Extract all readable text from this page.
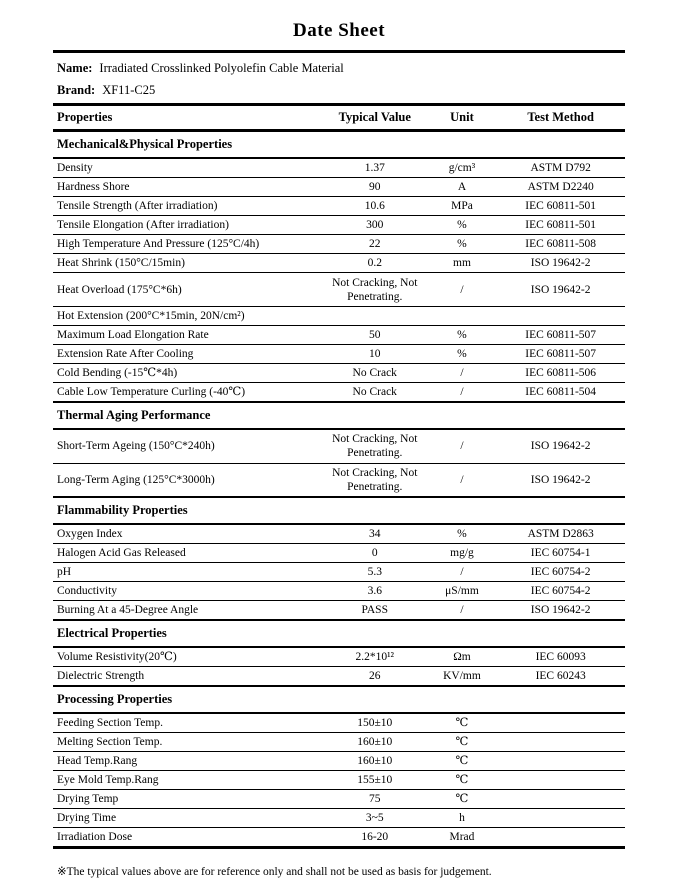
Date Sheet
Name: Irradiated Crosslinked Polyolefin Cable Material
Brand: XF11-C25
Properties	Typical Value	Unit	Test Method
Mechanical&Physical Properties			
Density	1.37	g/cm³	ASTM D792
Hardness Shore	90	A	ASTM D2240
Tensile Strength (After irradiation)	10.6	MPa	IEC 60811-501
Tensile Elongation (After irradiation)	300	%	IEC 60811-501
High Temperature And Pressure (125°C/4h)	22	%	IEC 60811-508
Heat Shrink (150°C/15min)	0.2	mm	ISO 19642-2
Heat Overload (175°C*6h)	Not Cracking, Not Penetrating.	/	ISO 19642-2
Hot Extension (200°C*15min, 20N/cm²)			
Maximum Load Elongation Rate	50	%	IEC 60811-507
Extension Rate After Cooling	10	%	IEC 60811-507
Cold Bending (-15℃*4h)	No Crack	/	IEC 60811-506
Cable Low Temperature Curling (-40℃)	No Crack	/	IEC 60811-504
Thermal Aging Performance			
Short-Term Ageing (150°C*240h)	Not Cracking, Not Penetrating.	/	ISO 19642-2
Long-Term Aging (125°C*3000h)	Not Cracking, Not Penetrating.	/	ISO 19642-2
Flammability Properties			
Oxygen Index	34	%	ASTM D2863
Halogen Acid Gas Released	0	mg/g	IEC 60754-1
pH	5.3	/	IEC 60754-2
Conductivity	3.6	μS/mm	IEC 60754-2
Burning At a 45-Degree Angle	PASS	/	ISO 19642-2
Electrical Properties			
Volume Resistivity(20℃)	2.2*10¹²	Ωm	IEC 60093
Dielectric Strength	26	KV/mm	IEC 60243
Processing Properties			
Feeding Section Temp.	150±10	℃	
Melting Section Temp.	160±10	℃	
Head Temp.Rang	160±10	℃	
Eye Mold Temp.Rang	155±10	℃	
Drying Temp	75	℃	
Drying Time	3~5	h	
Irradiation Dose	16-20	Mrad	
※The typical values above are for reference only and shall not be used as basis for judgement.
